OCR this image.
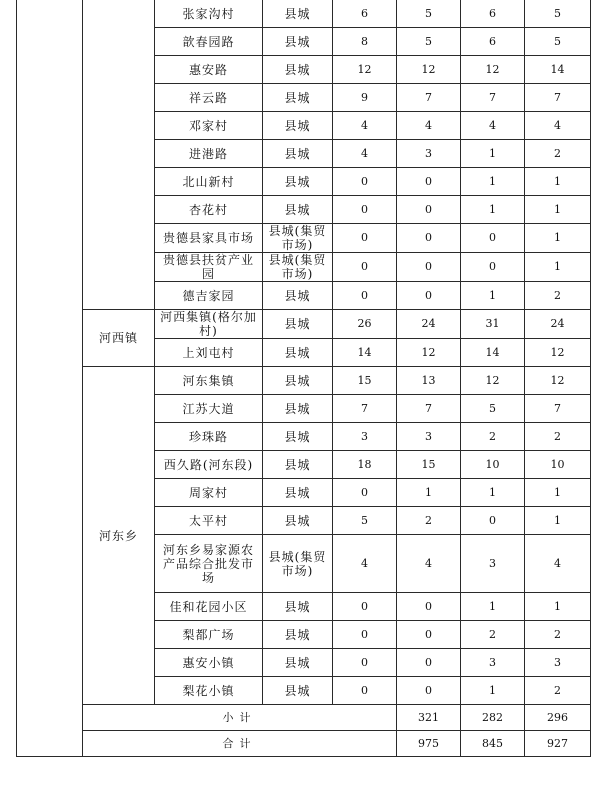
		张家沟村	县城	6	5	6	5	
		歆春园路	县城	8	5	6	5	
		惠安路	县城	12	12	12	14	
		祥云路	县城	9	7	7	7	
		邓家村	县城	4	4	4	4	
		进港路	县城	4	3	1	2	
		北山新村	县城	0	0	1	1	
		杏花村	县城	0	0	1	1	
		贵德县家具市场	县城(集贸市场)	0	0	0	1	
		贵德县扶贫产业园	县城(集贸市场)	0	0	0	1	
		德吉家园	县城	0	0	1	2	
	河西镇	河西集镇(格尔加村)	县城	26	24	31	24	
		上刘屯村	县城	14	12	14	12	
	河东乡	河东集镇	县城	15	13	12	12	
		江苏大道	县城	7	7	5	7	
		珍珠路	县城	3	3	2	2	
		西久路(河东段)	县城	18	15	10	10	
		周家村	县城	0	1	1	1	
		太平村	县城	5	2	0	1	
		河东乡易家源农产品综合批发市场	县城(集贸市场)	4	4	3	4	
		佳和花园小区	县城	0	0	1	1	
		梨都广场	县城	0	0	2	2	
		惠安小镇	县城	0	0	3	3	
		梨花小镇	县城	0	0	1	2	
	小计				321	282	296	
	合计				975	845	927	
